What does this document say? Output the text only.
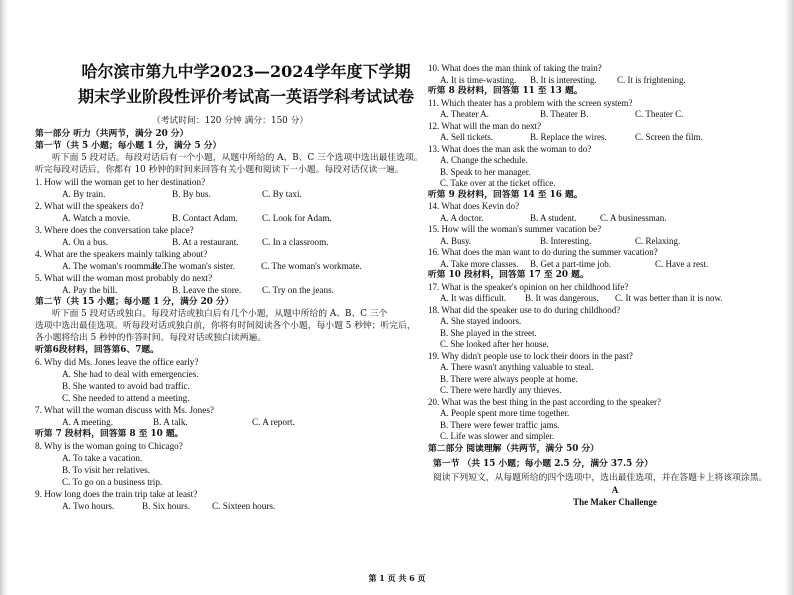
哈尔滨市第九中学2023—2024学年度下学期
期末学业阶段性评价考试高一英语学科考试试卷
（考试时间：120 分钟 满分：150 分）
第一部分 听力（共两节，满分 20 分）
第一节（共 5 小题；每小题 1 分，满分 5 分）
听下面 5 段对话。每段对话后有一个小题，从题中所给的 A、B、C 三个选项中选出最佳选项。
听完每段对话后，你都有 10 秒钟的时间来回答有关小题和阅读下一小题。每段对话仅读一遍。
1. How will the woman get to her destination?
A. By train.	B. By bus.	C. By taxi.
2. What will the speakers do?
A. Watch a movie.	B. Contact Adam.	C. Look for Adam.
3. Where does the conversation take place?
A. On a bus.	B. At a restaurant.	C. In a classroom.
4. What are the speakers mainly talking about?
A. The woman's roommate.
B. The woman's sister.	C. The woman's workmate.
5. What will the woman most probably do next?
A. Pay the bill.	B. Leave the store. C. Try on the jeans.
第二节（共 15 小题；每小题 1 分，满分 20 分）
听下面 5 段对话或独白。每段对话或独白后有几个小题，从题中所给的 A、B、C 三个
选项中选出最佳选项。听每段对话或独白前，你将有时间阅读各个小题，每小题 5 秒钟；听完后，
各小题将给出 5 秒钟的作答时间。每段对话或独白读两遍。
听第6段材料，回答第6、7题。
6. Why did Ms. Jones leave the office early?
A. She had to deal with emergencies.
B. She wanted to avoid bad traffic.
C. She needed to attend a meeting.
7. What will the woman discuss with Ms. Jones?
A. A meeting.	B. A talk.	C. A report.
听第 7 段材料，回答第 8 至 10 题。
8. Why is the woman going to Chicago?
A. To take a vacation.
B. To visit her relatives.
C. To go on a business trip.
9. How long does the train trip take at least?
A. Two hours.	B. Six hours. C. Sixteen hours.
10. What does the man think of taking the train?
A. It is time-wasting. B. It is interesting. C. It is frightening.
听第 8 段材料，回答第 11 至 13 题。
11. Which theater has a problem with the screen system?
A. Theater A.	B. Theater B.	C. Theater C.
12. What will the man do next?
A. Sell tickets.	B. Replace the wires.	C. Screen the film.
13. What does the man ask the woman to do?
A. Change the schedule.
B. Speak to her manager.
C. Take over at the ticket office.
听第 9 段材料，回答第 14 至 16 题。
14. What does Kevin do?
A. A doctor.	B. A student.	C. A businessman.
15. How will the woman's summer vacation be?
A. Busy.	B. Interesting.	C. Relaxing.
16. What does the man want to do during the summer vacation?
A. Take more classes. B. Get a part-time job.	C. Have a rest.
听第 10 段材料，回答第 17 至 20 题。
17. What is the speaker's opinion on her childhood life?
A. It was difficult. B. It was dangerous. C. It was better than it is now.
18. What did the speaker use to do during childhood?
A. She stayed indoors.
B. She played in the street.
C. She looked after her house.
19. Why didn't people use to lock their doors in the past?
A. There wasn't anything valuable to steal.
B. There were always people at home.
C. There were hardly any thieves.
20. What was the best thing in the past according to the speaker?
A. People spent more time together.
B. There were fewer traffic jams.
C. Life was slower and simpler.
第二部分 阅读理解（共两节，满分 50 分）
第一节 （共 15 小题；每小题 2.5 分，满分 37.5 分）
阅读下列短文，从每题所给的四个选项中，选出最佳选项，并在答题卡上将该项涂黑。
A
The Maker Challenge
第 1 页 共 6 页
